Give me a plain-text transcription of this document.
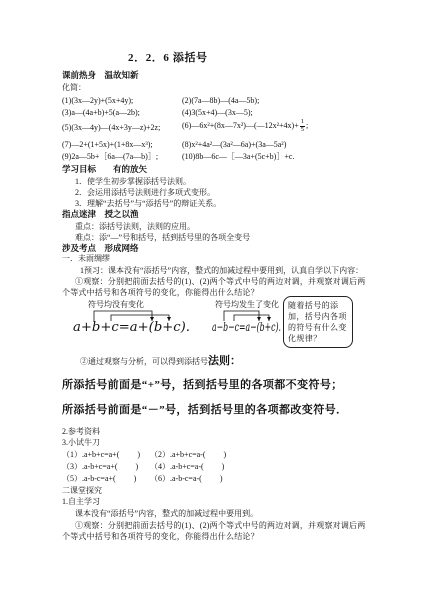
2．2．6 添括号
课前热身　温故知新
化简：
(1)(3x—2y)+(5x+4y);	(2)(7a—8b)—(4a—5b);
(3)a—(4a+b)+5(a—2b);	(4)3(5x+4)—(3x—5);
(5)(3x—4y)—(4x+3y—z)+2z;	(6)—6x²+(8x—7x²)—(—12x²+4x)+ $\frac{1}{5}$ ;
(7)—2+(1+5x)+(1+8x—x³);	(8)x²+4a²—(3a²—6a)+(3a—5a²)
(9)2a—5b+［6a—(7a—b)］;	(10)8b—6c—［—3a+(5c+b)］+c.
学习目标　　有的放矢
1．使学生初步掌握添括号法则。
2．会运用添括号法则进行多项式变形。
3．理解“去括号”与“添括号”的辩证关系。
指点迷津　授之以渔
重点：添括号法则，法则的应用。
难点：添“—”号和括号，括到括号里的各项全变号
涉及考点　形成网络
一．未雨绸缪
1预习：课本没有“添括号”内容，整式的加减过程中要用到，认真自学以下内容：
①观察：分别把前面去括号的(1)、(2)两个等式中号的两边对调，并观察对调后两个等式中括号和各项符号的变化，你能得出什么结论？
符号均没有变化
a+b+c=a+(b+c).
符号均发生了变化
a−b−c=a−(b+c).
随着括号的添加，括号内各项的符号有什么变化规律？
②通过观察与分析，可以得到添括号法则：
所添括号前面是“+”号，括到括号里的各项都不变符号；
所添括号前面是“－”号，括到括号里的各项都改变符号．
2.参考资料
3.小试牛刀
（1）.a+b+c=a+(　　 ) （2）.a+b+c=a-(　　 )
（3）.a-b+c=a+(　　 ) （4）.a-b+c=a-(　　 )
（5）.a-b-c=a+(　　 ) （6）.a-b-c=a-(　　 )
二课堂探究
1.自主学习
课本没有“添括号”内容，整式的加减过程中要用到。
①观察：分别把前面去括号的(1)、(2)两个等式中号的两边对调，并观察对调后两个等式中括号和各项符号的变化，你能得出什么结论？
